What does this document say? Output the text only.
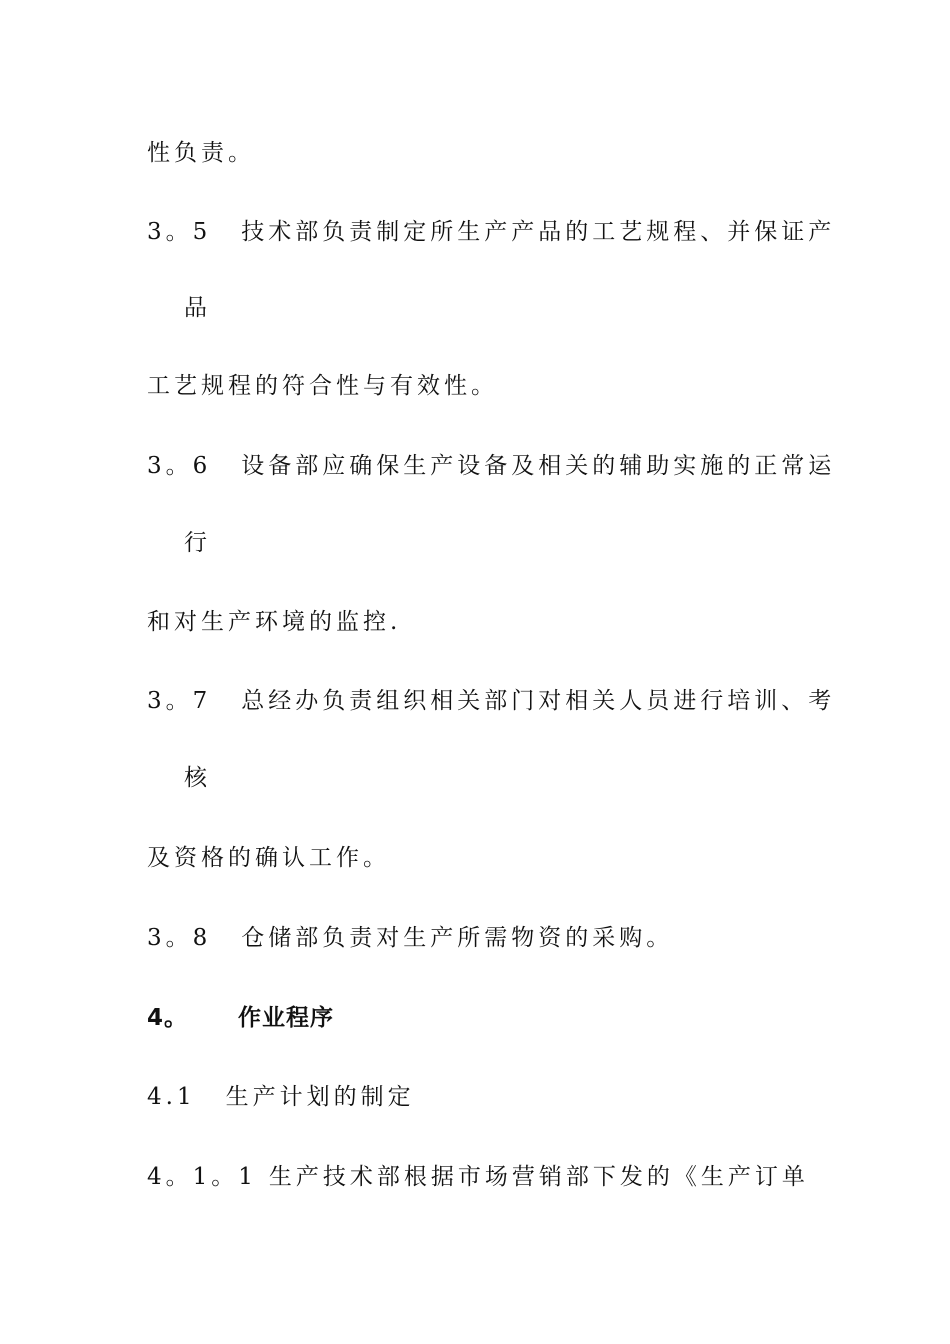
性负责。
3。5 技术部负责制定所生产产品的工艺规程、并保证产
品
工艺规程的符合性与有效性。
3。6 设备部应确保生产设备及相关的辅助实施的正常运
行
和对生产环境的监控.
3。7 总经办负责组织相关部门对相关人员进行培训、考
核
及资格的确认工作。
3。8 仓储部负责对生产所需物资的采购。
4。 作业程序
4.1 生产计划的制定
4。1。1 生产技术部根据市场营销部下发的《生产订单
